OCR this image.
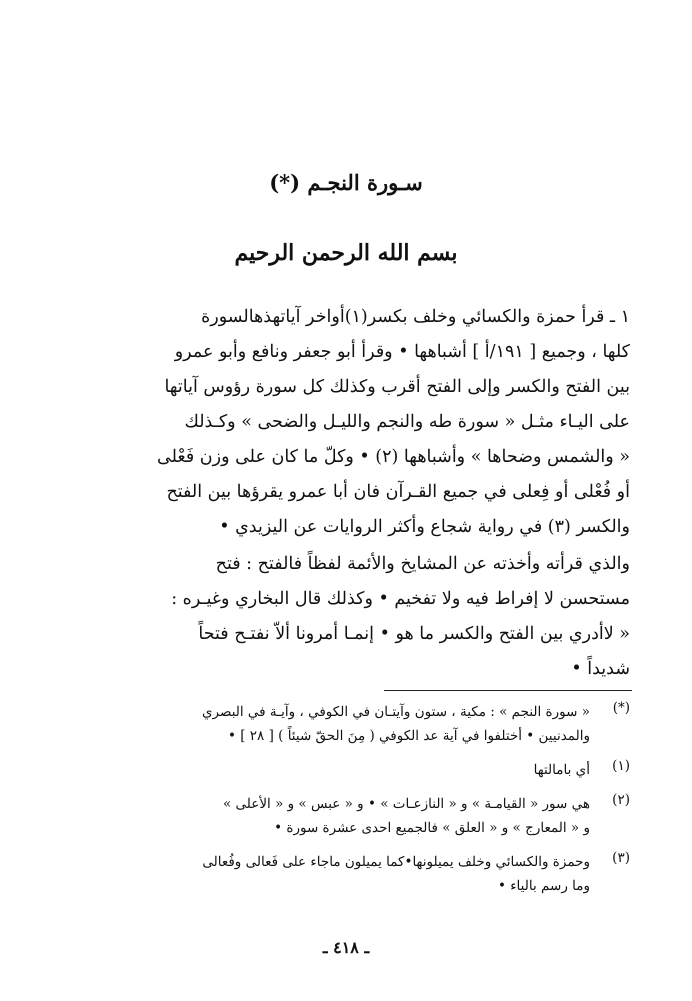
سـورة النجـم (*)
بسم الله الرحمن الرحيم
١ ـ قرأ حمزة والكسائي وخلف بكسر(١)أواخر آياتهذهالسورة
كلها ، وجميع [ ١٩١/أ ] أشباهها • وقرأ أبو جعفر ونافع وأبو عمرو
بين الفتح والكسر وإلى الفتح أقرب وكذلك كل سورة رؤوس آياتها
على اليـاء مثـل « سورة طه والنجم والليـل والضحى » وكـذلك
« والشمس وضحاها » وأشباهها (٢) • وكلّ ما كان على وزن فَعْلى
أو فُعْلى أو فِعلى في جميع القـرآن فان أبا عمرو يقرؤها بين الفتح
والكسر (٣) في رواية شجاع وأكثر الروايات عن اليزيدي •
والذي قرأته وأخذته عن المشايخ والأئمة لفظاً فالفتح : فتح
مستحسن لا إفراط فيه ولا تفخيم • وكذلك قال البخاري وغيـره :
« لاأدري بين الفتح والكسر ما هو • إنمـا أمرونا ألاّ نفتـح فتحاً
شديداً •
(*)
« سورة النجم » : مكية ، ستون وآيتـان في الكوفي ، وآيـة في البصري
والمدنيين • أختلفوا في آية عد الكوفي ( مِنَ الحقّ شيئاً ) [ ٢٨ ] •
(١)
أي بامالتها
(٢)
هي سور « القيامـة » و « النازعـات » • و « عبس » و « الأعلى »
و « المعارج » و « العلق » فالجميع احدى عشرة سورة •
(٣)
وحمزة والكسائي وخلف يميلونها•كما يميلون ماجاء على فَعالى وفُعالى
وما رسم بالياء •
ـ ٤١٨ ـ
